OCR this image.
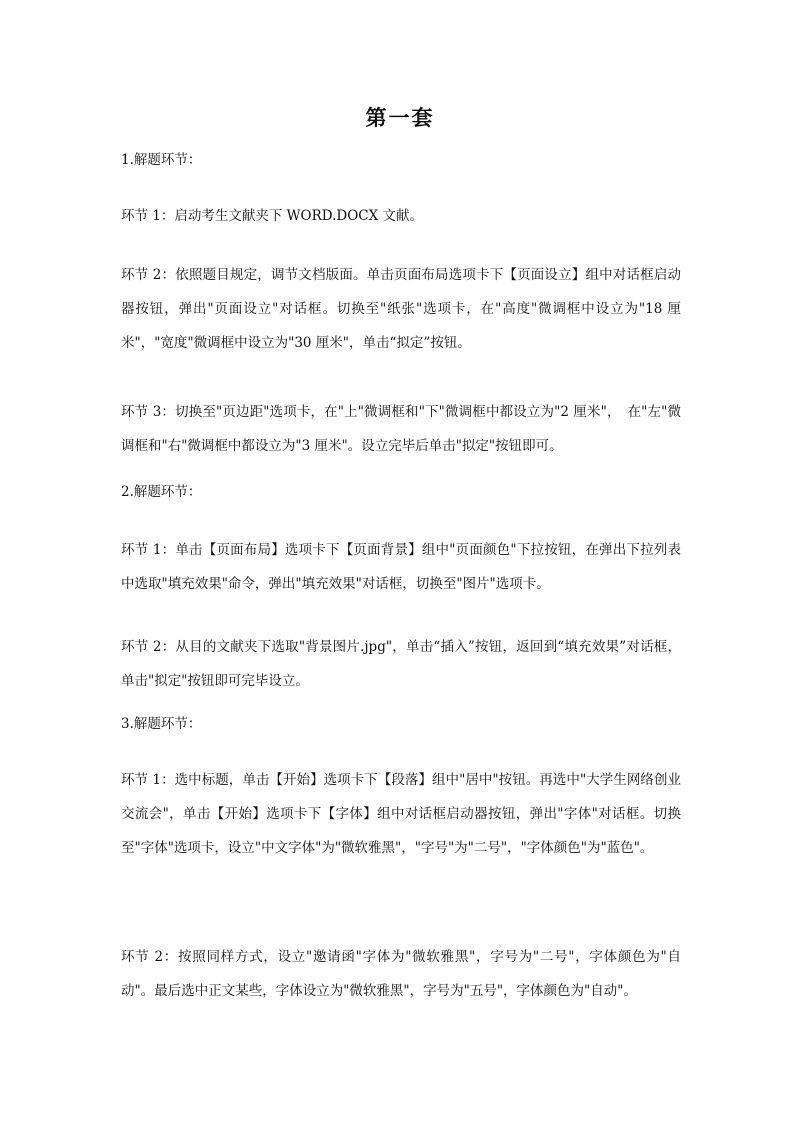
第一套
1.解题环节：
环节 1：启动考生文献夹下 WORD.DOCX 文献。
环节 2：依照题目规定，调节文档版面。单击页面布局选项卡下【页面设立】组中对话框启动器按钮，弹出"页面设立"对话框。切换至"纸张"选项卡，在"高度"微调框中设立为"18 厘米"，"宽度"微调框中设立为"30 厘米"，单击“拟定”按钮。
环节 3：切换至"页边距"选项卡，在"上"微调框和"下"微调框中都设立为"2 厘米"，　在"左"微调框和"右"微调框中都设立为"3 厘米"。设立完毕后单击"拟定"按钮即可。
2.解题环节：
环节 1：单击【页面布局】选项卡下【页面背景】组中"页面颜色"下拉按钮，在弹出下拉列表中选取"填充效果"命令，弹出"填充效果"对话框，切换至"图片"选项卡。
环节 2：从目的文献夹下选取"背景图片.jpg"，单击“插入”按钮，返回到“填充效果”对话框，单击"拟定"按钮即可完毕设立。
3.解题环节：
环节 1：选中标题，单击【开始】选项卡下【段落】组中"居中"按钮。再选中"大学生网络创业交流会"，单击【开始】选项卡下【字体】组中对话框启动器按钮，弹出"字体"对话框。切换至"字体"选项卡，设立"中文字体"为"微软雅黑"，"字号"为"二号"，"字体颜色"为"蓝色"。
环节 2：按照同样方式，设立"邀请函"字体为"微软雅黑"，字号为"二号"，字体颜色为"自动"。最后选中正文某些，字体设立为"微软雅黑"，字号为"五号"，字体颜色为"自动"。
